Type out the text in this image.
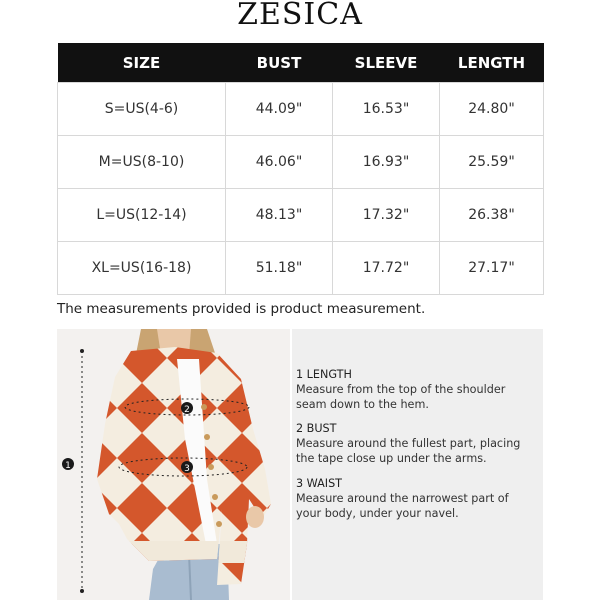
ZESICA
SIZE	BUST	SLEEVE	LENGTH
S=US(4-6)	44.09"	16.53"	24.80"
M=US(8-10)	46.06"	16.93"	25.59"
L=US(12-14)	48.13"	17.32"	26.38"
XL=US(16-18)	51.18"	17.72"	27.17"
The measurements provided is product measurement.
1
2
3
1 LENGTH
Measure from the top of the shoulder seam down to the hem.
2 BUST
Measure around the fullest part, placing the tape close up under the arms.
3 WAIST
Measure around the narrowest part of your body, under your navel.
